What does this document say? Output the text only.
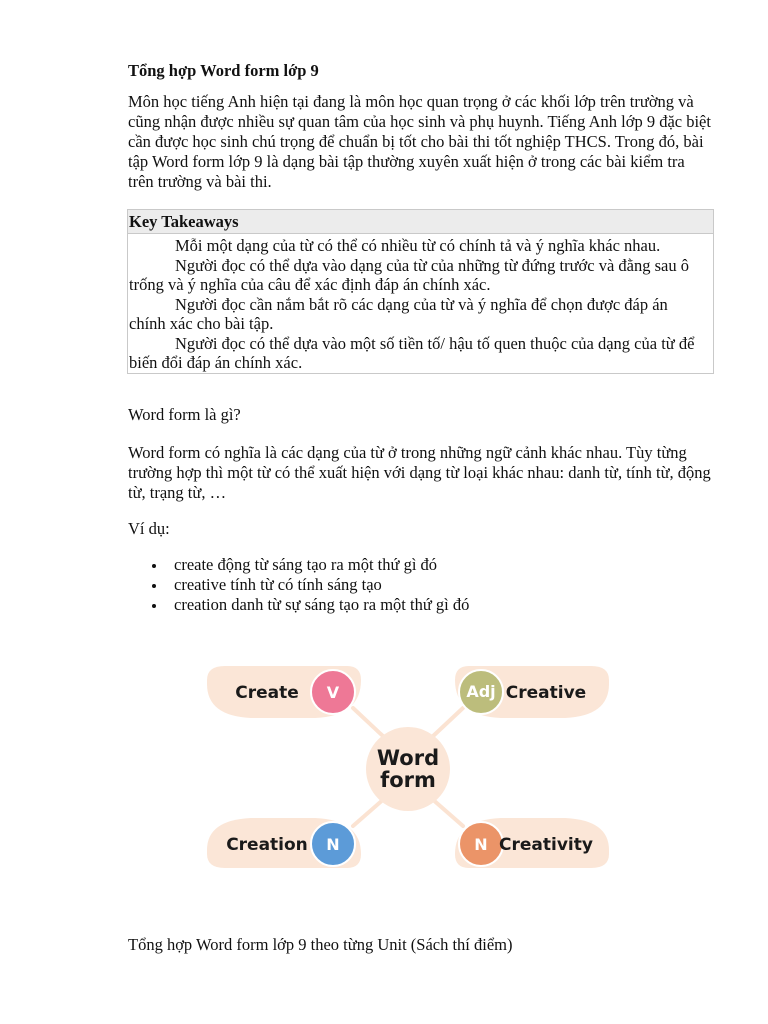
Tổng hợp Word form lớp 9

Môn học tiếng Anh hiện tại đang là môn học quan trọng ở các khối lớp trên trường và cũng nhận được nhiều sự quan tâm của học sinh và phụ huynh. Tiếng Anh lớp 9 đặc biệt cần được học sinh chú trọng để chuẩn bị tốt cho bài thi tốt nghiệp THCS. Trong đó, bài tập Word form lớp 9 là dạng bài tập thường xuyên xuất hiện ở trong các bài kiểm tra trên trường và bài thi.

Key Takeaways

Mỗi một dạng của từ có thể có nhiều từ có chính tả và ý nghĩa khác nhau.

Người đọc có thể dựa vào dạng của từ của những từ đứng trước và đằng sau ô trống và ý nghĩa của câu để xác định đáp án chính xác.

Người đọc cần nắm bắt rõ các dạng của từ và ý nghĩa để chọn được đáp án chính xác cho bài tập.

Người đọc có thể dựa vào một số tiền tố/ hậu tố quen thuộc của dạng của từ để biến đổi đáp án chính xác.

Word form là gì?

Word form có nghĩa là các dạng của từ ở trong những ngữ cảnh khác nhau. Tùy từng trường hợp thì một từ có thể xuất hiện với dạng từ loại khác nhau: danh từ, tính từ, động từ, trạng từ, …

Ví dụ:

create động từ sáng tạo ra một thứ gì đó
creative tính từ có tính sáng tạo
creation danh từ sự sáng tạo ra một thứ gì đó

Tổng hợp Word form lớp 9 theo từng Unit (Sách thí điểm)

Create V	Adj Creative
Word
form
Creation N	N Creativity
